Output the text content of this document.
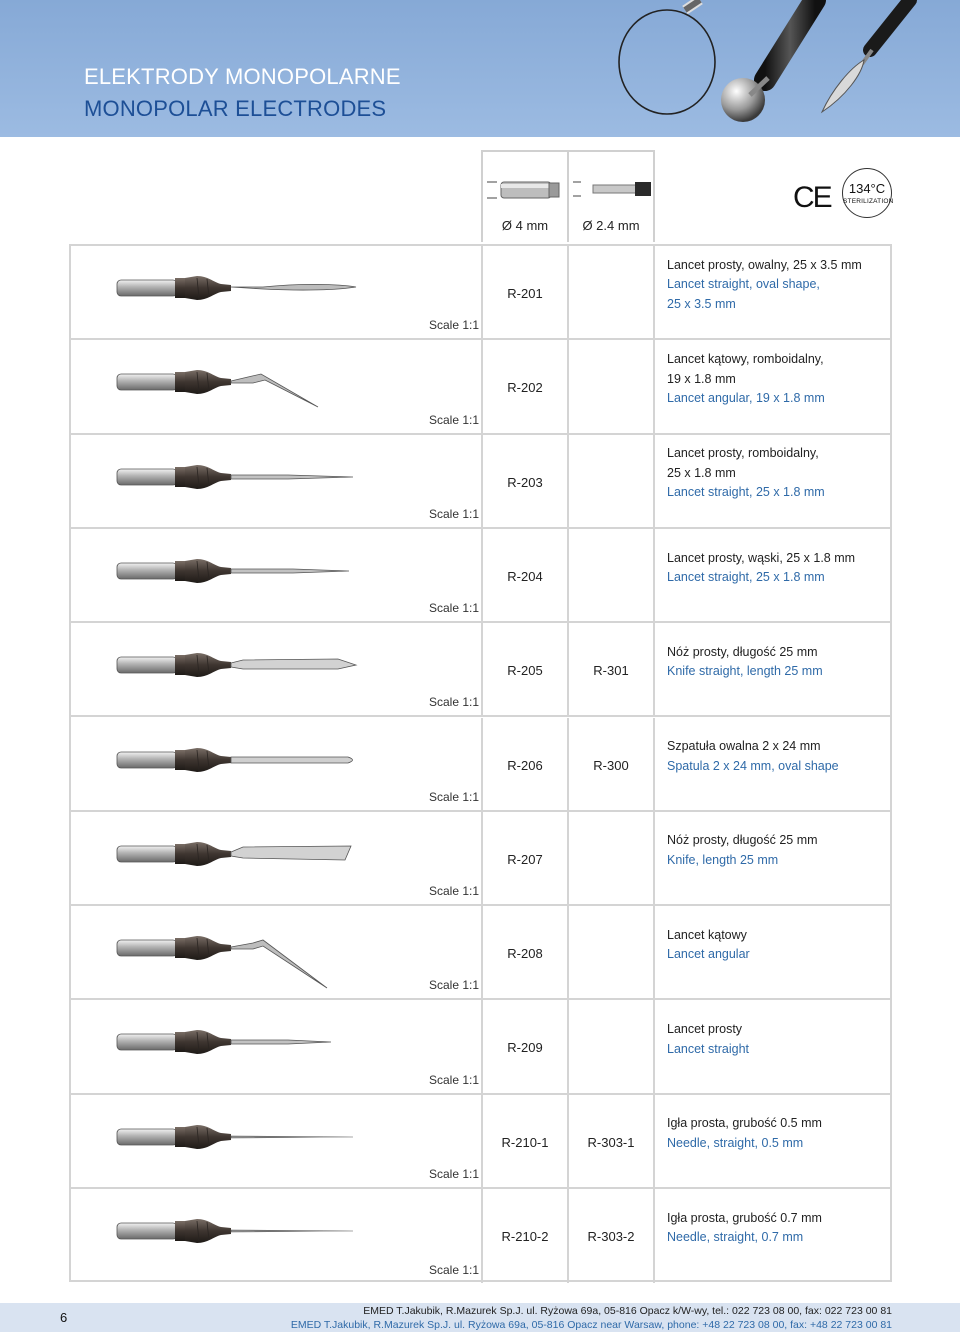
ELEKTRODY MONOPOLARNE
MONOPOLAR ELECTRODES
Ø 4 mm	Ø 2.4 mm
CE	134°C
STERILIZATION
Scale 1:1
R-201
Lancet prosty, owalny, 25 x 3.5 mm
Lancet straight, oval shape,
25 x 3.5 mm
Scale 1:1
R-202
Lancet kątowy, romboidalny,
19 x 1.8 mm
Lancet angular, 19 x 1.8 mm
Scale 1:1
R-203
Lancet prosty, romboidalny,
25 x 1.8 mm
Lancet straight, 25 x 1.8 mm
Scale 1:1
R-204
Lancet prosty, wąski, 25 x 1.8 mm
Lancet straight, 25 x 1.8 mm
Scale 1:1
R-205	R-301
Nóż prosty, długość 25 mm
Knife straight, length 25 mm
Scale 1:1
R-206	R-300
Szpatuła owalna 2 x 24 mm
Spatula 2 x 24 mm, oval shape
Scale 1:1
R-207
Nóż prosty, długość 25 mm
Knife, length 25 mm
Scale 1:1
R-208
Lancet kątowy
Lancet angular
Scale 1:1
R-209
Lancet prosty
Lancet straight
Scale 1:1
R-210-1	R-303-1
Igła prosta, grubość 0.5 mm
Needle, straight, 0.5 mm
Scale 1:1
R-210-2	R-303-2
Igła prosta, grubość 0.7 mm
Needle, straight, 0.7 mm
6	EMED T.Jakubik, R.Mazurek Sp.J. ul. Ryżowa 69a, 05-816 Opacz k/W-wy, tel.: 022 723 08 00, fax: 022 723 00 81
EMED T.Jakubik, R.Mazurek Sp.J. ul. Ryżowa 69a, 05-816 Opacz near Warsaw, phone: +48 22 723 08 00, fax: +48 22 723 00 81
